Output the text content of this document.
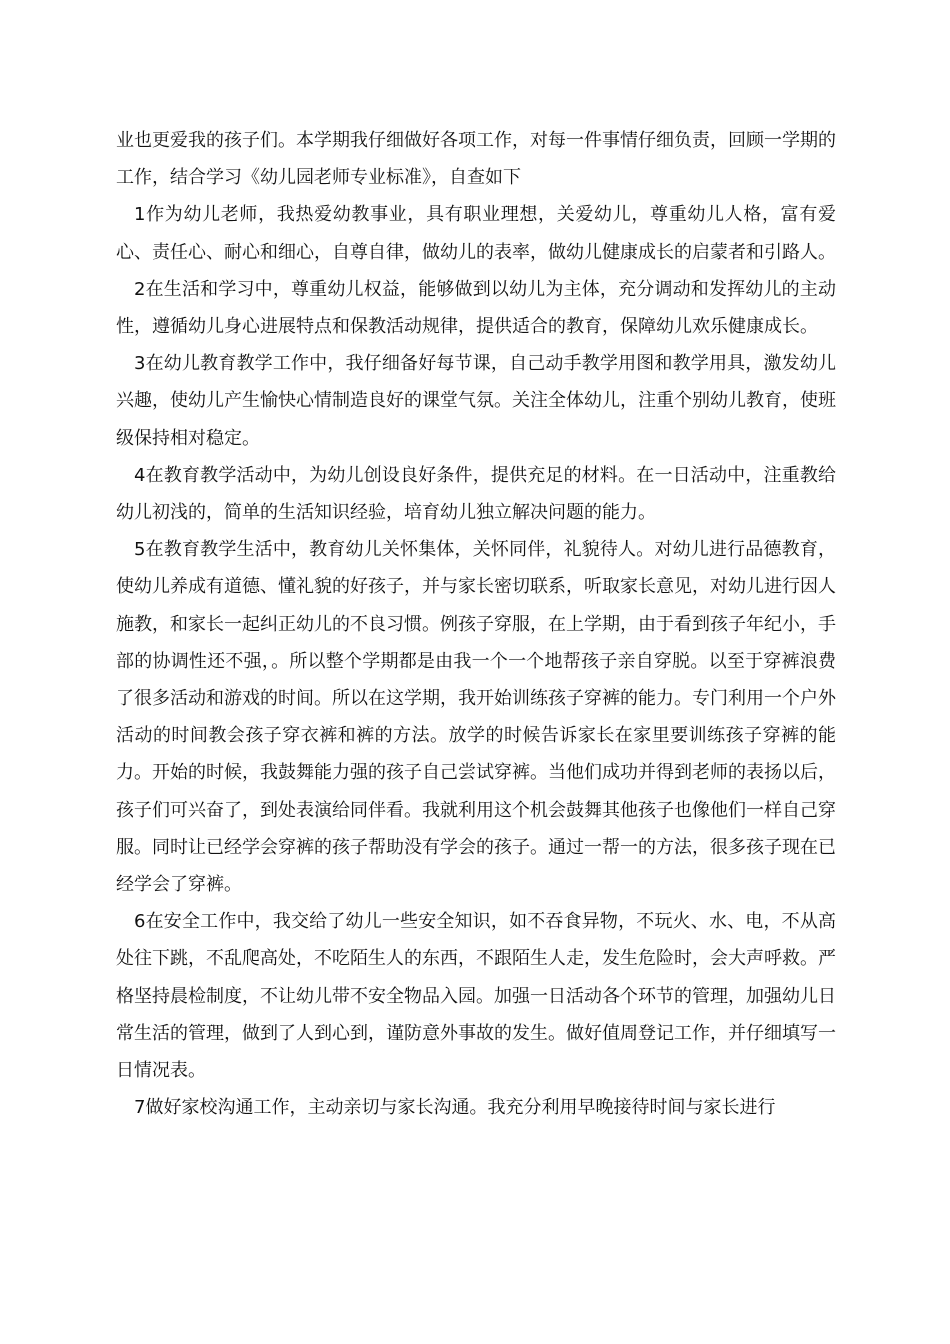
业也更爱我的孩子们。本学期我仔细做好各项工作，对每一件事情仔细负责，回顾一学期的工作，结合学习《幼儿园老师专业标准》，自查如下

1作为幼儿老师，我热爱幼教事业，具有职业理想，关爱幼儿，尊重幼儿人格，富有爱心、责任心、耐心和细心，自尊自律，做幼儿的表率，做幼儿健康成长的启蒙者和引路人。

2在生活和学习中，尊重幼儿权益，能够做到以幼儿为主体，充分调动和发挥幼儿的主动性，遵循幼儿身心进展特点和保教活动规律，提供适合的教育，保障幼儿欢乐健康成长。

3在幼儿教育教学工作中，我仔细备好每节课，自己动手教学用图和教学用具，激发幼儿兴趣，使幼儿产生愉快心情制造良好的课堂气氛。关注全体幼儿，注重个别幼儿教育，使班级保持相对稳定。

4在教育教学活动中，为幼儿创设良好条件，提供充足的材料。在一日活动中，注重教给幼儿初浅的，简单的生活知识经验，培育幼儿独立解决问题的能力。

5在教育教学生活中，教育幼儿关怀集体，关怀同伴，礼貌待人。对幼儿进行品德教育，使幼儿养成有道德、懂礼貌的好孩子，并与家长密切联系，听取家长意见，对幼儿进行因人施教，和家长一起纠正幼儿的不良习惯。例孩子穿服，在上学期，由于看到孩子年纪小，手部的协调性还不强，。所以整个学期都是由我一个一个地帮孩子亲自穿脱。以至于穿裤浪费了很多活动和游戏的时间。所以在这学期，我开始训练孩子穿裤的能力。专门利用一个户外活动的时间教会孩子穿衣裤和裤的方法。放学的时候告诉家长在家里要训练孩子穿裤的能力。开始的时候，我鼓舞能力强的孩子自己尝试穿裤。当他们成功并得到老师的表扬以后，孩子们可兴奋了，到处表演给同伴看。我就利用这个机会鼓舞其他孩子也像他们一样自己穿服。同时让已经学会穿裤的孩子帮助没有学会的孩子。通过一帮一的方法，很多孩子现在已经学会了穿裤。

6在安全工作中，我交给了幼儿一些安全知识，如不吞食异物，不玩火、水、电，不从高处往下跳，不乱爬高处，不吃陌生人的东西，不跟陌生人走，发生危险时，会大声呼救。严格坚持晨检制度，不让幼儿带不安全物品入园。加强一日活动各个环节的管理，加强幼儿日常生活的管理，做到了人到心到，谨防意外事故的发生。做好值周登记工作，并仔细填写一日情况表。

7做好家校沟通工作，主动亲切与家长沟通。我充分利用早晚接待时间与家长进行
